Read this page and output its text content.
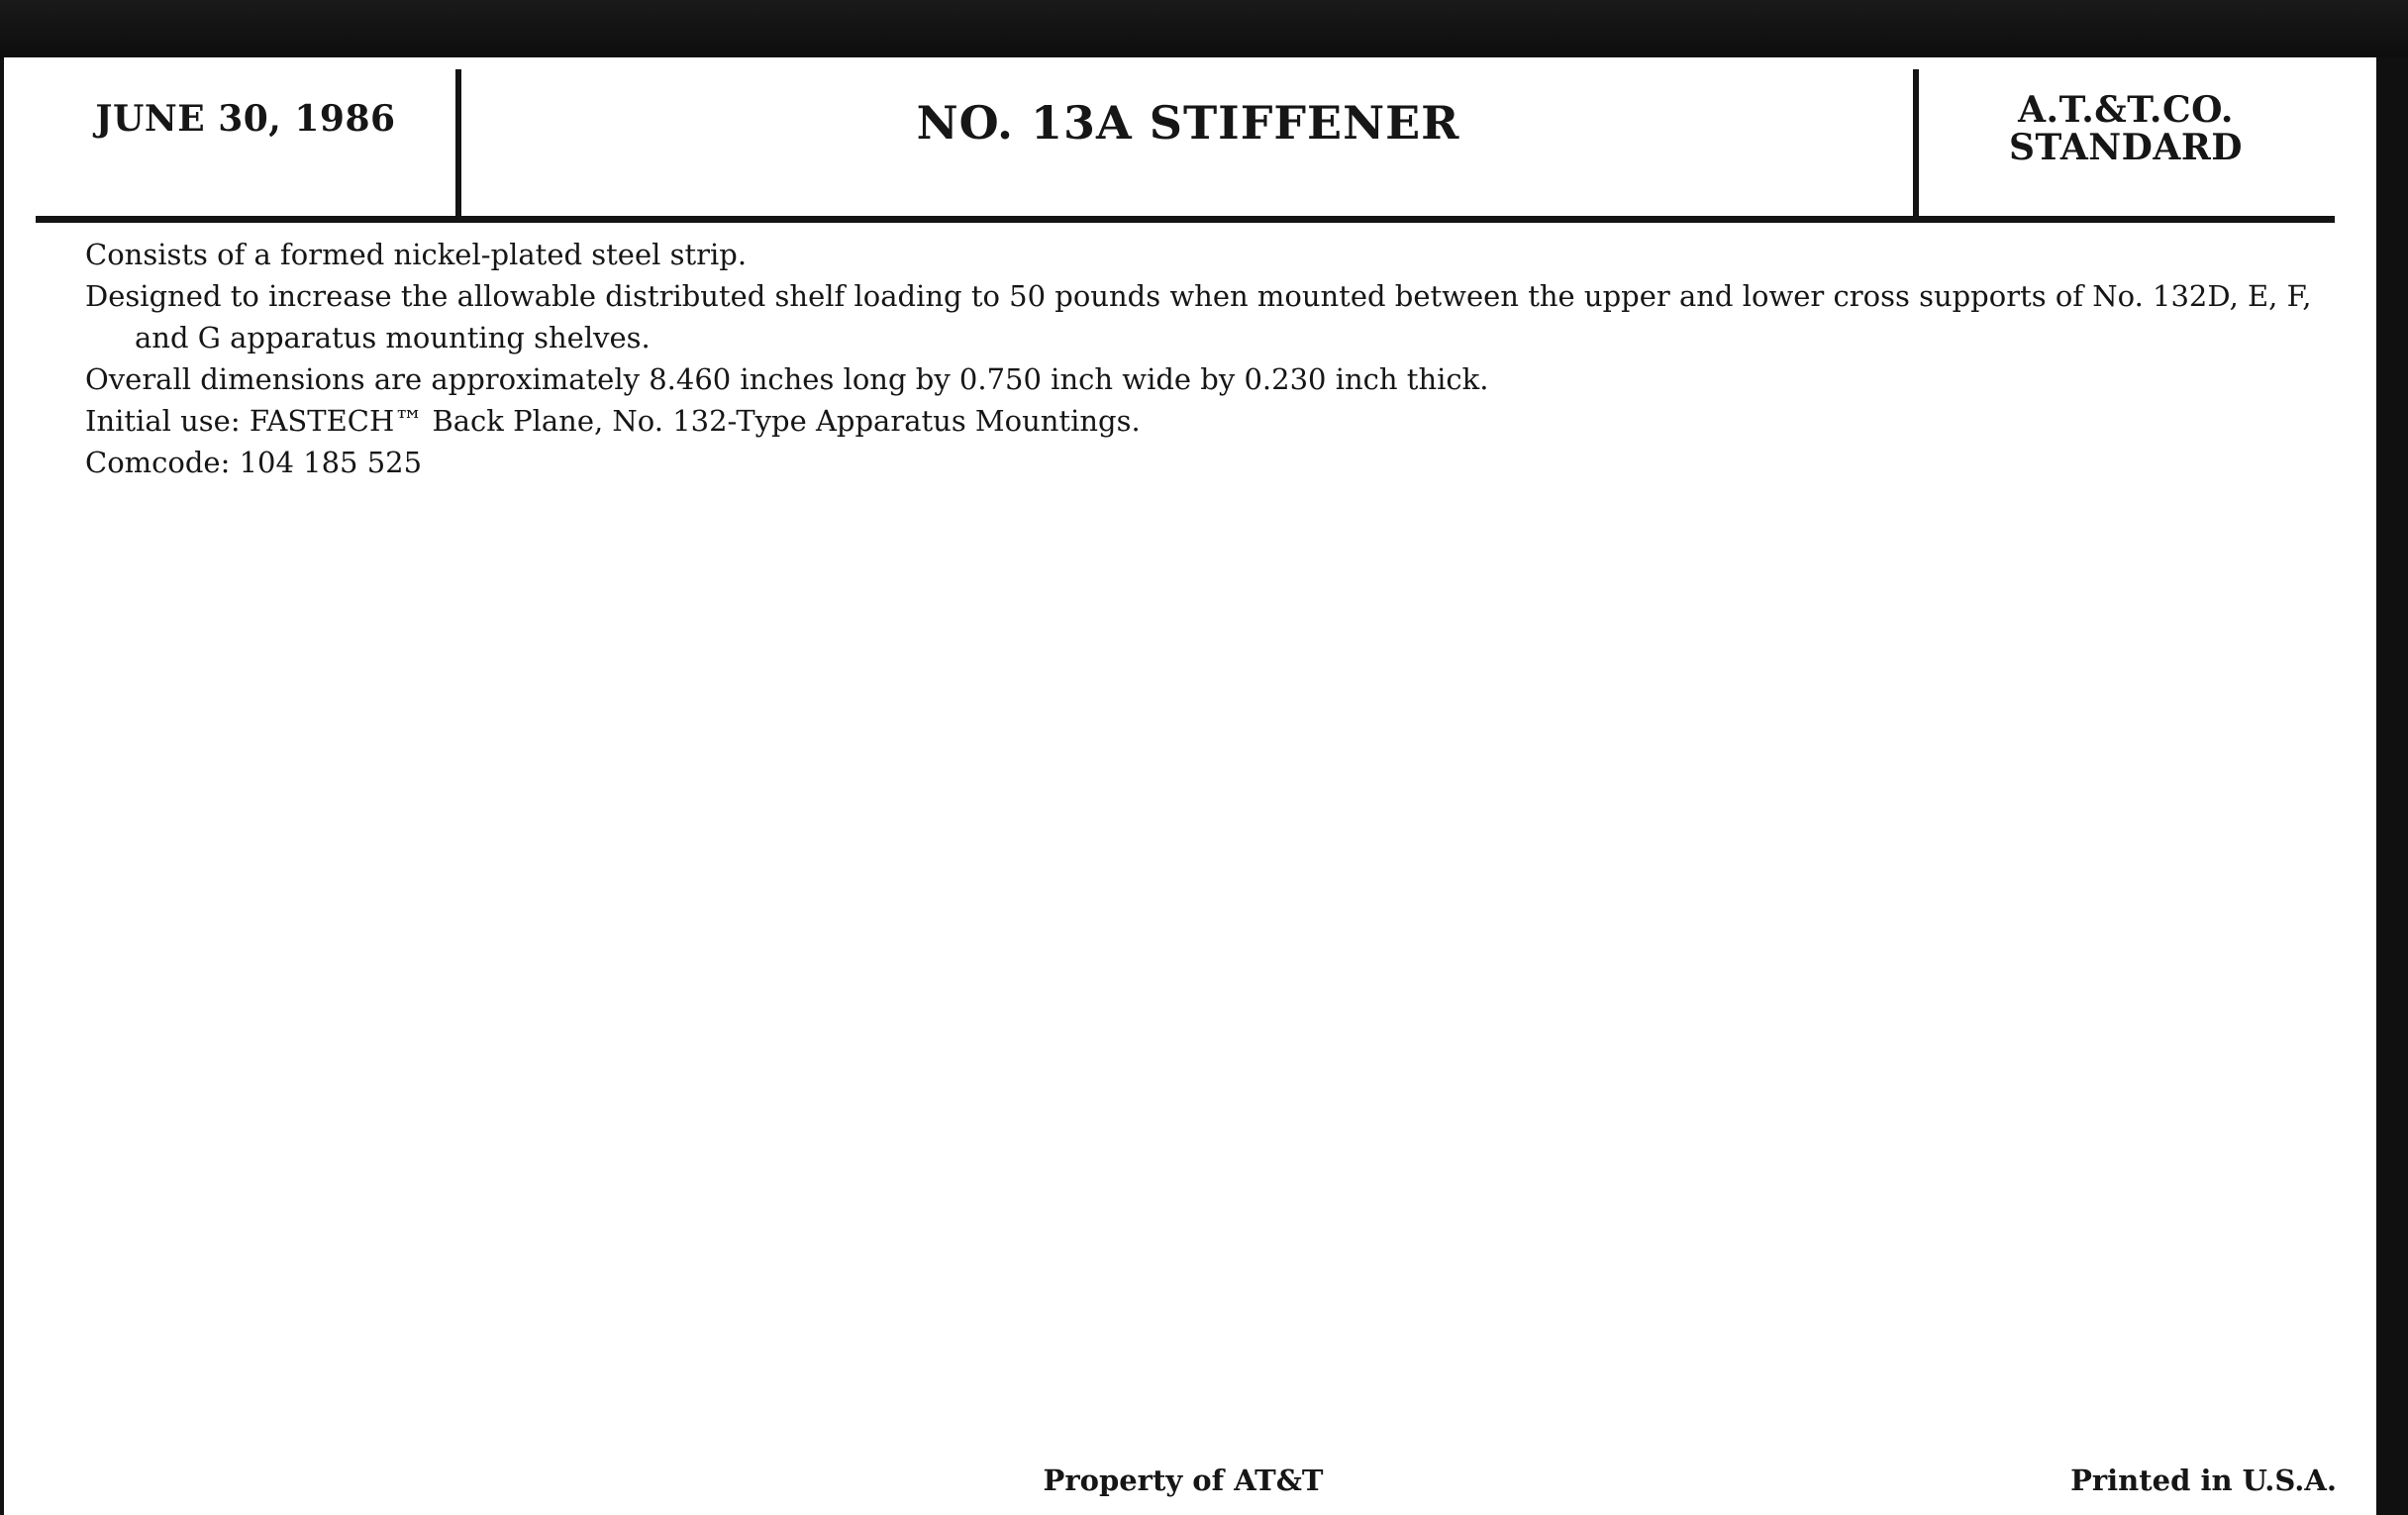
JUNE 30, 1986	NO. 13A STIFFENER	A.T.&T.CO.
STANDARD

Consists of a formed nickel-plated steel strip.

Designed to increase the allowable distributed shelf loading to 50 pounds when mounted between the upper and lower cross supports of No. 132D, E, F, and G apparatus mounting shelves.

Overall dimensions are approximately 8.460 inches long by 0.750 inch wide by 0.230 inch thick.

Initial use: FASTECH™ Back Plane, No. 132-Type Apparatus Mountings.

Comcode: 104 185 525

Property of AT&T	Printed in U.S.A.
